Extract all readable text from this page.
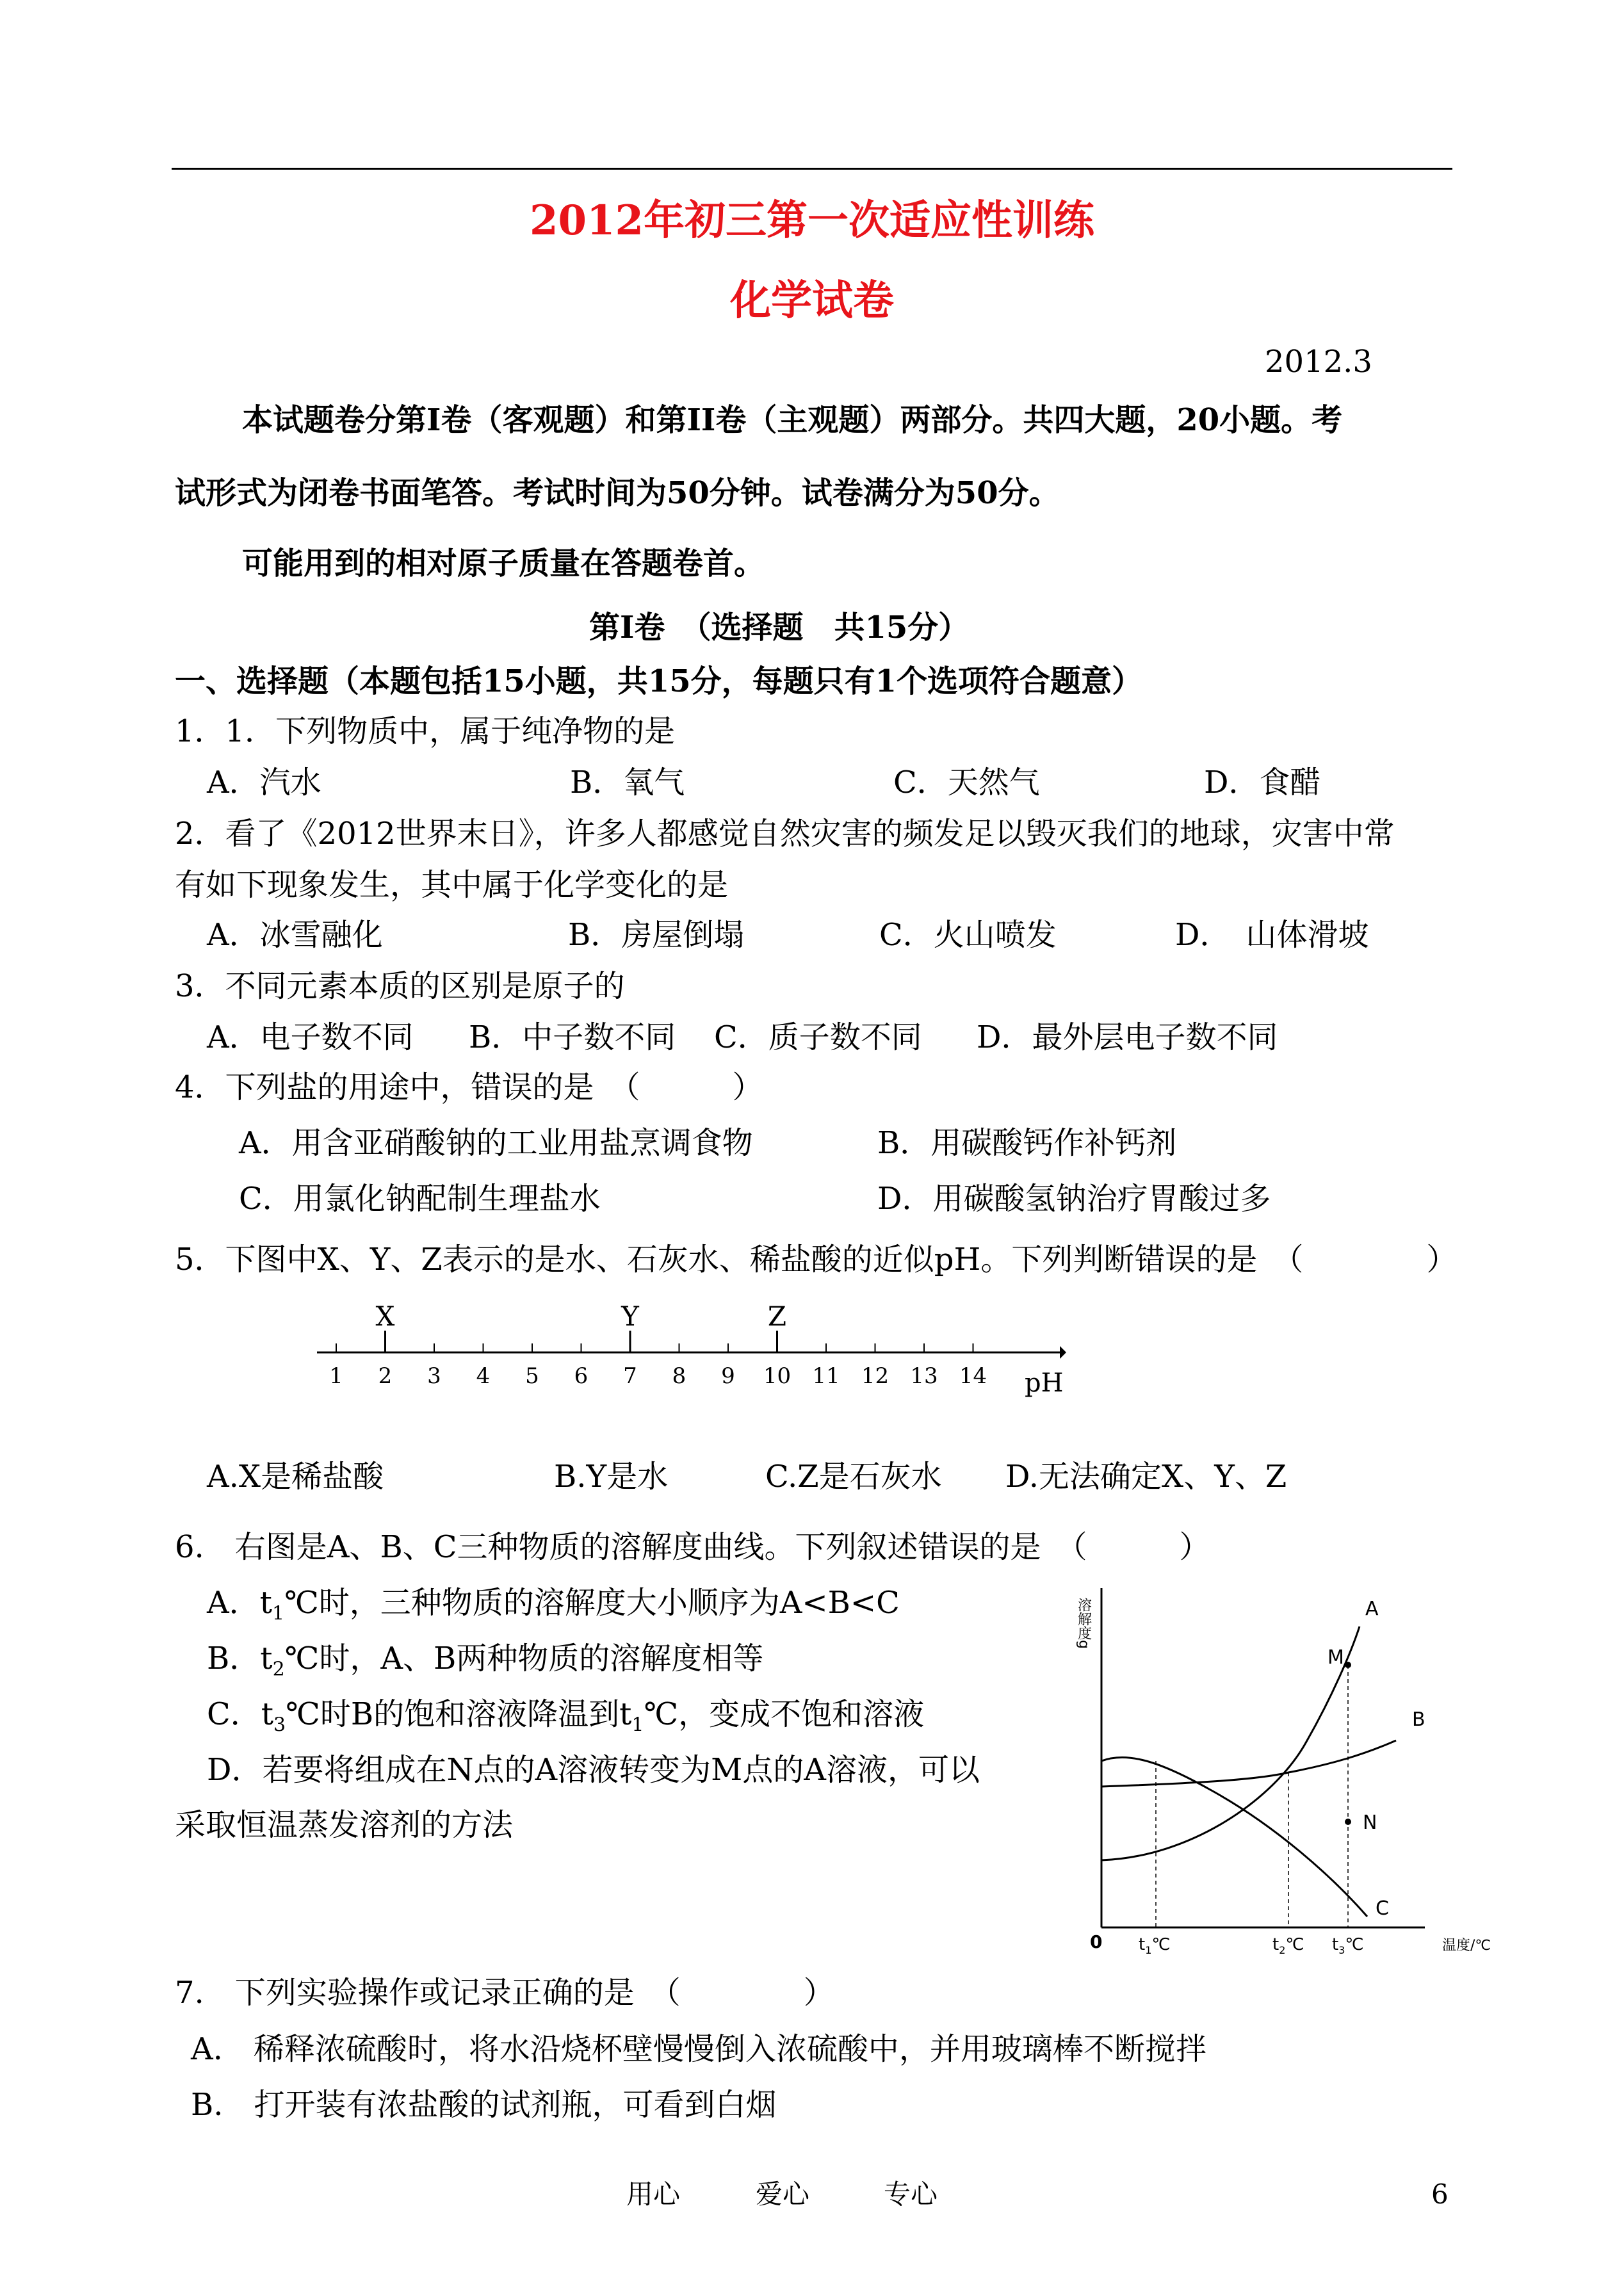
2012年初三第一次适应性训练
化学试卷
2012.3
本试题卷分第Ⅰ卷（客观题）和第II卷（主观题）两部分。共四大题，20小题。考
试形式为闭卷书面笔答。考试时间为50分钟。试卷满分为50分。
可能用到的相对原子质量在答题卷首。
第Ⅰ卷　（选择题　共15分）
一、选择题（本题包括15小题，共15分，每题只有1个选项符合题意）
1．1．下列物质中，属于纯净物的是
A．汽水	B．氧气	C．天然气	D．食醋
2．看了《2012世界末日》，许多人都感觉自然灾害的频发足以毁灭我们的地球，灾害中常
有如下现象发生，其中属于化学变化的是
A．冰雪融化	B．房屋倒塌	C．火山喷发	D．　山体滑坡
3．不同元素本质的区别是原子的
A．电子数不同 B．中子数不同 C．质子数不同 D．最外层电子数不同
4．下列盐的用途中，错误的是　（　　　）
A．用含亚硝酸钠的工业用盐烹调食物	B．用碳酸钙作补钙剂
C．用氯化钠配制生理盐水	D．用碳酸氢钠治疗胃酸过多
5．下图中X、Y、Z表示的是水、石灰水、稀盐酸的近似pH。下列判断错误的是　（　　　　）
1 2 3 4 5 6 7 8 9 10 11 12 13 14
X	Y	Z
pH
A.X是稀盐酸	B.Y是水	C.Z是石灰水 D.无法确定X、Y、Z
6.　右图是A、B、C三种物质的溶解度曲线。下列叙述错误的是　（　　　）
A．$t_1℃$时，三种物质的溶解度大小顺序为A<B<C
B．$t_2℃$时，A、B两种物质的溶解度相等
C．$t_3℃$时B的饱和溶液降温到$t_1℃$，变成不饱和溶液
D．若要将组成在N点的A溶液转变为M点的A溶液，可以
采取恒温蒸发溶剂的方法
溶解度g
温度/℃
0
A
B
C
M
N
$t_1℃$	$t_2℃$ $t_3℃$
7.　下列实验操作或记录正确的是　（　　　　）
A.　稀释浓硫酸时，将水沿烧杯壁慢慢倒入浓硫酸中，并用玻璃棒不断搅拌
B.　打开装有浓盐酸的试剂瓶，可看到白烟
用心	爱心	专心	6
